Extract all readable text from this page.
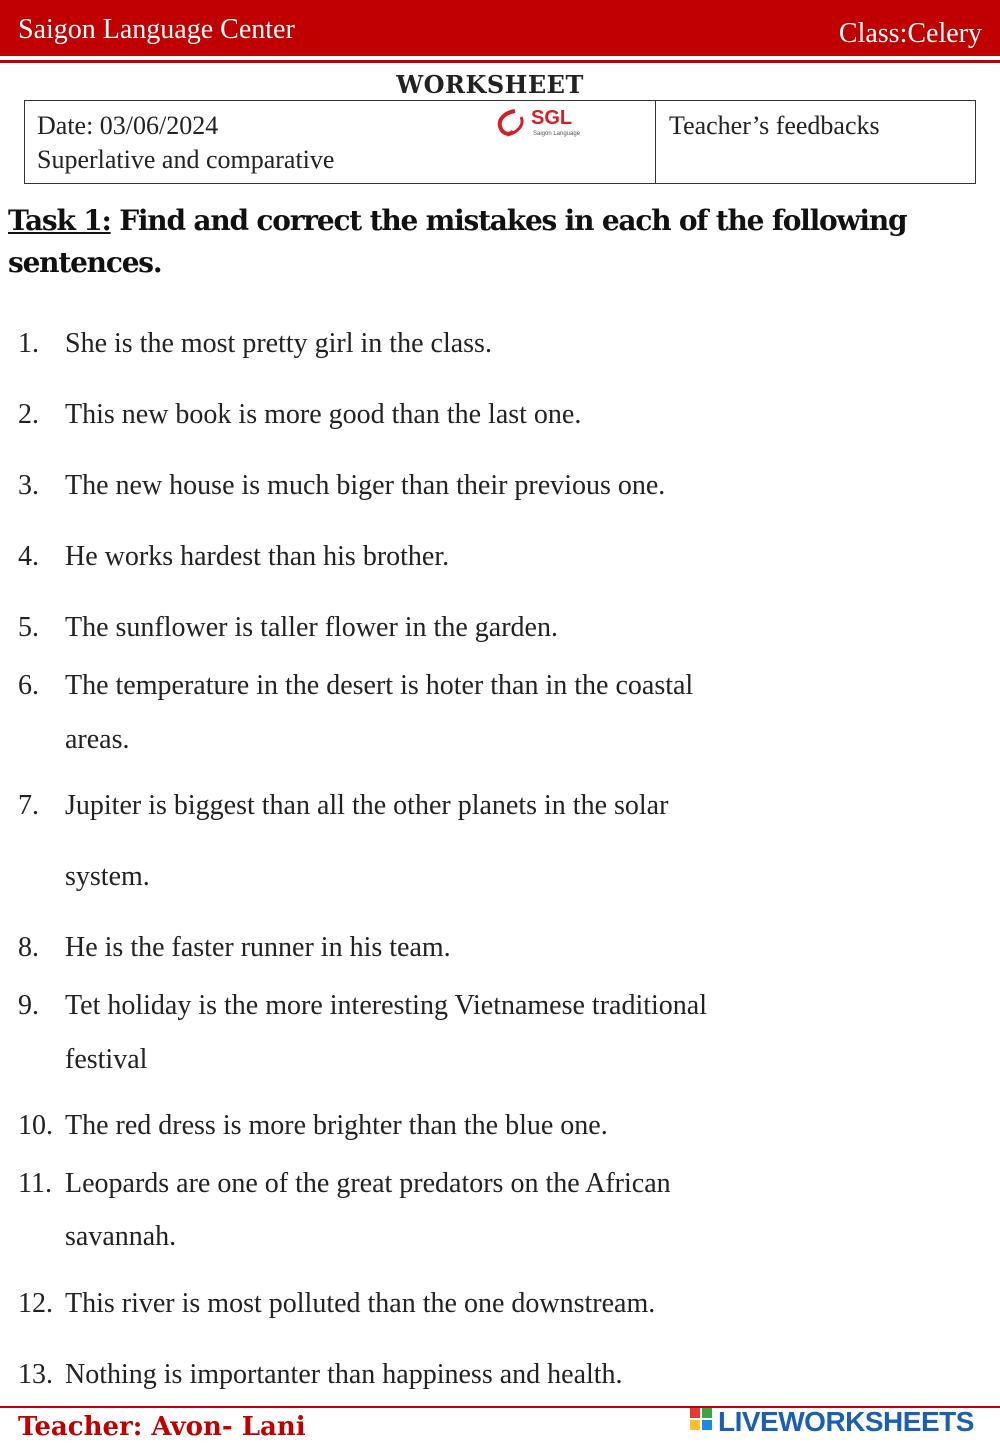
Saigon Language Center	Class:Celery
WORKSHEET
Date: 03/06/2024
Superlative and comparative
SGL
Saigon Language	Teacher’s feedbacks
Task 1: Find and correct the mistakes in each of the following sentences.
1. She is the most pretty girl in the class.
2. This new book is more good than the last one.
3. The new house is much biger than their previous one.
4. He works hardest than his brother.
5. The sunflower is taller flower in the garden.
6. The temperature in the desert is hoter than in the coastal
areas.
7. Jupiter is biggest than all the other planets in the solar
system.
8. He is the faster runner in his team.
9. Tet holiday is the more interesting Vietnamese traditional
festival
10. The red dress is more brighter than the blue one.
11. Leopards are one of the great predators on the African
savannah.
12. This river is most polluted than the one downstream.
13. Nothing is importanter than happiness and health.
Teacher: Avon- Lani	LIVEWORKSHEETS
